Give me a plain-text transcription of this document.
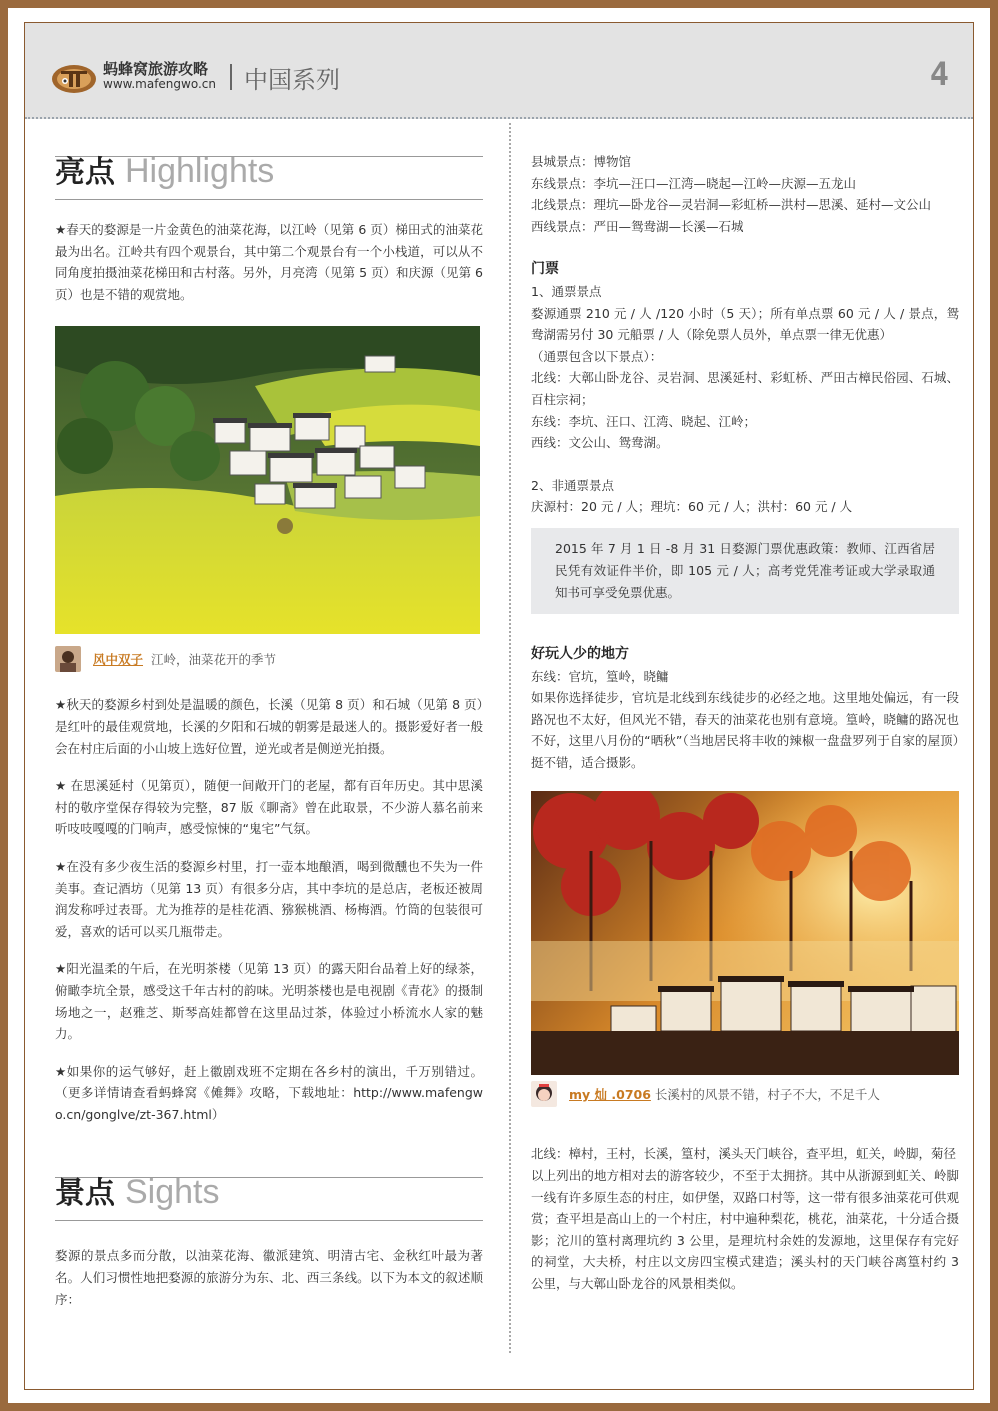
蚂蜂窝旅游攻略
www.mafengwo.cn 中国系列	4
亮点 Highlights

★春天的婺源是一片金黄色的油菜花海，以江岭（见第 6 页）梯田式的油菜花最为出名。江岭共有四个观景台，其中第二个观景台有一个小栈道，可以从不同角度拍摄油菜花梯田和古村落。另外，月亮湾（见第 5 页）和庆源（见第 6 页）也是不错的观赏地。

风中双子 江岭，油菜花开的季节

★秋天的婺源乡村到处是温暖的颜色，长溪（见第 8 页）和石城（见第 8 页）是红叶的最佳观赏地，长溪的夕阳和石城的朝雾是最迷人的。摄影爱好者一般会在村庄后面的小山坡上选好位置，逆光或者是侧逆光拍摄。

★ 在思溪延村（见第页），随便一间敞开门的老屋，都有百年历史。其中思溪村的敬序堂保存得较为完整，87 版《聊斋》曾在此取景，不少游人慕名前来听吱吱嘎嘎的门响声，感受惊悚的“鬼宅”气氛。

★在没有多少夜生活的婺源乡村里，打一壶本地酿酒，喝到微醺也不失为一件美事。查记酒坊（见第 13 页）有很多分店，其中李坑的是总店，老板还被周润发称呼过表哥。尤为推荐的是桂花酒、猕猴桃酒、杨梅酒。竹筒的包装很可爱，喜欢的话可以买几瓶带走。

★阳光温柔的午后，在光明茶楼（见第 13 页）的露天阳台品着上好的绿茶，俯瞰李坑全景，感受这千年古村的韵味。光明茶楼也是电视剧《青花》的摄制场地之一，赵雅芝、斯琴高娃都曾在这里品过茶，体验过小桥流水人家的魅力。

★如果你的运气够好，赶上徽剧戏班不定期在各乡村的演出，千万别错过。（更多详情请查看蚂蜂窝《傩舞》攻略，下载地址：http://www.mafengwo.cn/gonglve/zt-367.html）

景点 Sights

婺源的景点多而分散，以油菜花海、徽派建筑、明清古宅、金秋红叶最为著名。人们习惯性地把婺源的旅游分为东、北、西三条线。以下为本文的叙述顺序：

县城景点：博物馆

东线景点：李坑—汪口—江湾—晓起—江岭—庆源—五龙山

北线景点：理坑—卧龙谷—灵岩洞—彩虹桥—洪村—思溪、延村—文公山

西线景点：严田—鸳鸯湖—长溪—石城

门票

1、通票景点

婺源通票 210 元 / 人 /120 小时（5 天）；所有单点票 60 元 / 人 / 景点，鸳鸯湖需另付 30 元船票 / 人（除免票人员外，单点票一律无优惠）

（通票包含以下景点）：

北线：大鄣山卧龙谷、灵岩洞、思溪延村、彩虹桥、严田古樟民俗园、石城、百柱宗祠；

东线：李坑、汪口、江湾、晓起、江岭；

西线：文公山、鸳鸯湖。

2、非通票景点

庆源村：20 元 / 人；理坑：60 元 / 人；洪村：60 元 / 人

2015 年 7 月 1 日 -8 月 31 日婺源门票优惠政策：教师、江西省居民凭有效证件半价，即 105 元 / 人；高考党凭准考证或大学录取通知书可享受免票优惠。

好玩人少的地方

东线：官坑，篁岭，晓鳙

如果你选择徒步，官坑是北线到东线徒步的必经之地。这里地处偏远，有一段路况也不太好，但风光不错，春天的油菜花也别有意境。篁岭，晓鳙的路况也不好，这里八月份的“晒秋”（当地居民将丰收的辣椒一盘盘罗列于自家的屋顶）挺不错，适合摄影。

my 灿 .0706 长溪村的风景不错，村子不大，不足千人

北线：樟村，王村，长溪，篁村，溪头天门峡谷，查平坦，虹关，岭脚，菊径

以上列出的地方相对去的游客较少，不至于太拥挤。其中从浙源到虹关、岭脚一线有许多原生态的村庄，如伊堡，双路口村等，这一带有很多油菜花可供观赏；查平坦是高山上的一个村庄，村中遍种梨花，桃花，油菜花，十分适合摄影；沱川的篁村离理坑约 3 公里，是理坑村余姓的发源地，这里保存有完好的祠堂，大夫桥，村庄以文房四宝模式建造；溪头村的天门峡谷离篁村约 3 公里，与大鄣山卧龙谷的风景相类似。
